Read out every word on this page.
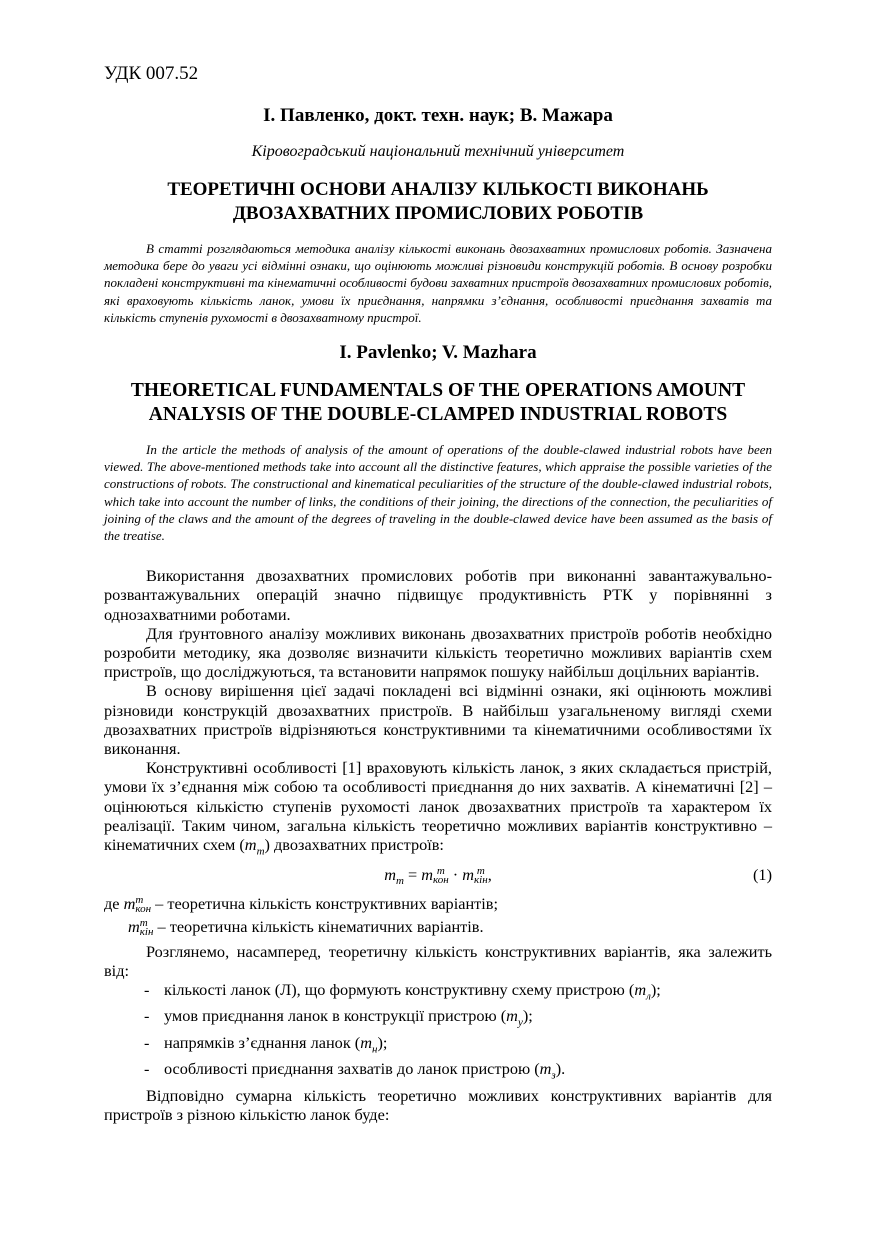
УДК 007.52
І. Павленко, докт. техн. наук; В. Мажара
Кіровоградський національний технічний університет
ТЕОРЕТИЧНІ ОСНОВИ АНАЛІЗУ КІЛЬКОСТІ ВИКОНАНЬ
ДВОЗАХВАТНИХ ПРОМИСЛОВИХ РОБОТІВ

В статті розглядаються методика аналізу кількості виконань двозахватних промислових роботів. Зазначена методика бере до уваги усі відмінні ознаки, що оцінюють можливі різновиди конструкцій роботів. В основу розробки покладені конструктивні та кінематичні особливості будови захватних пристроїв двозахватних промислових роботів, які враховують кількість ланок, умови їх приєднання, напрямки з’єднання, особливості приєднання захватів та кількість ступенів рухомості в двозахватному пристрої.

I. Pavlenko; V. Mazhara
THEORETICAL FUNDAMENTALS OF THE OPERATIONS AMOUNT
ANALYSIS OF THE DOUBLE-CLAMPED INDUSTRIAL ROBOTS

In the article the methods of analysis of the amount of operations of the double-clawed industrial robots have been viewed. The above-mentioned methods take into account all the distinctive features, which appraise the possible varieties of the constructions of robots. The constructional and kinematical peculiarities of the structure of the double-clawed industrial robots, which take into account the number of links, the conditions of their joining, the directions of the connection, the peculiarities of joining of the claws and the amount of the degrees of traveling in the double-clawed device have been assumed as the basis of the treatise.

Використання двозахватних промислових роботів при виконанні завантажувально-розвантажувальних операцій значно підвищує продуктивність РТК у порівнянні з однозахватними роботами.

Для ґрунтовного аналізу можливих виконань двозахватних пристроїв роботів необхідно розробити методику, яка дозволяє визначити кількість теоретично можливих варіантів схем пристроїв, що досліджуються, та встановити напрямок пошуку найбільш доцільних варіантів.

В основу вирішення цієї задачі покладені всі відмінні ознаки, які оцінюють можливі різновиди конструкцій двозахватних пристроїв. В найбільш узагальненому вигляді схеми двозахватних пристроїв відрізняються конструктивними та кінематичними особливостями їх виконання.

Конструктивні особливості [1] враховують кількість ланок, з яких складається пристрій, умови їх з’єднання між собою та особливості приєднання до них захватів. А кінематичні [2] – оцінюються кількістю ступенів рухомості ланок двозахватних пристроїв та характером їх реалізації. Таким чином, загальна кількість теоретично можливих варіантів конструктивно – кінематичних схем $(m_m)$ двозахватних пристроїв:

$m_m = m$ m
кон · m m
кін ,	(1)
де m m
кон – теоретична кількість конструктивних варіантів;
m m
кін – теоретична кількість кінематичних варіантів.

Розглянемо, насамперед, теоретичну кількість конструктивних варіантів, яка залежить від:

- кількості ланок (Л), що формують конструктивну схему пристрою $(m_л)$;
- умов приєднання ланок в конструкції пристрою $(m_у)$;
- напрямків з’єднання ланок $(m_н)$;
- особливості приєднання захватів до ланок пристрою $(m_з)$.

Відповідно сумарна кількість теоретично можливих конструктивних варіантів для пристроїв з різною кількістю ланок буде:
